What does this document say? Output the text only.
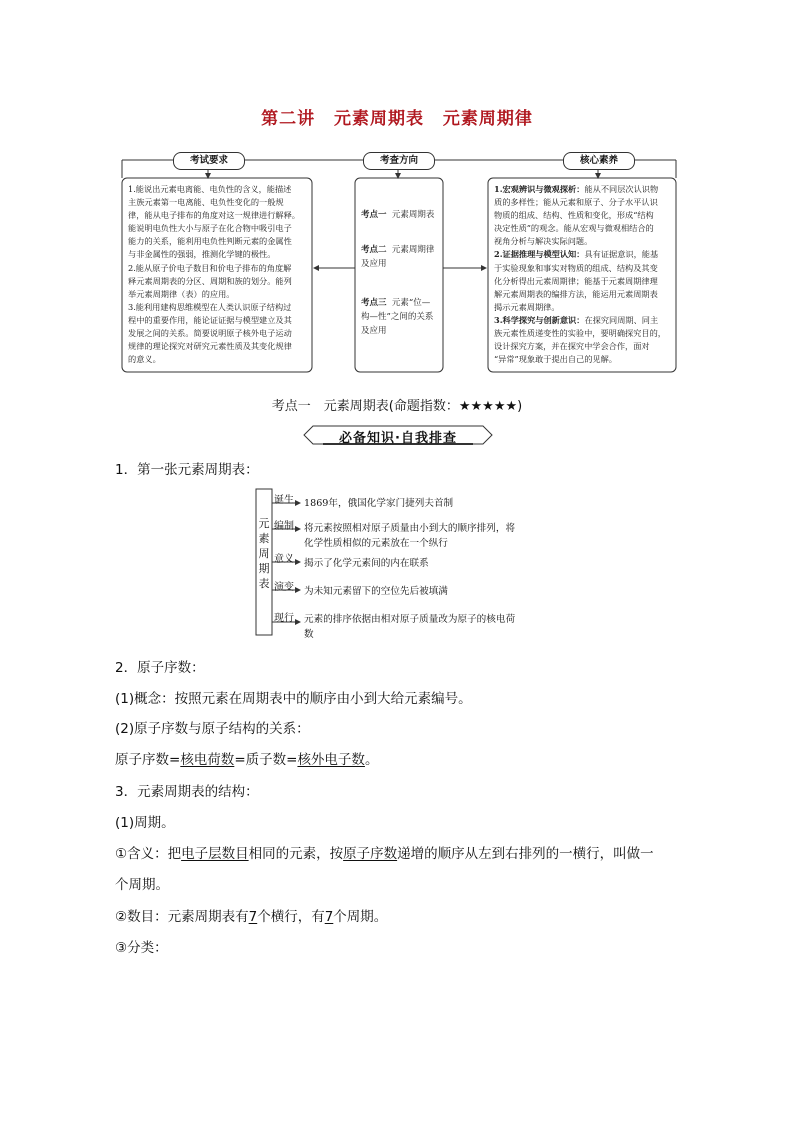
第二讲 元素周期表 元素周期律
考试要求	考查方向	核心素养

1.能说出元素电离能、电负性的含义，能描述

主族元素第一电离能、电负性变化的一般规

律，能从电子排布的角度对这一规律进行解释。

能说明电负性大小与原子在化合物中吸引电子

能力的关系，能利用电负性判断元素的金属性

与非金属性的强弱，推测化学键的极性。

2.能从原子价电子数目和价电子排布的角度解

释元素周期表的分区、周期和族的划分。能列

举元素周期律（表）的应用。

3.能利用建构思维模型在人类认识原子结构过

程中的重要作用，能论证证据与模型建立及其

发展之间的关系。简要说明原子核外电子运动

规律的理论探究对研究元素性质及其变化规律

的意义。

考点一 元素周期表
考点二 元素周期律
及应用
考点三 元素“位—
构—性”之间的关系
及应用

1.宏观辨识与微观探析：能从不同层次认识物

质的多样性；能从元素和原子、分子水平认识

物质的组成、结构、性质和变化，形成“结构

决定性质”的观念。能从宏观与微观相结合的

视角分析与解决实际问题。

2.证据推理与模型认知：具有证据意识，能基

于实验现象和事实对物质的组成、结构及其变

化分析得出元素周期律；能基于元素周期律理

解元素周期表的编排方法，能运用元素周期表

揭示元素周期律。

3.科学探究与创新意识：在探究同周期、同主

族元素性质递变性的实验中，要明确探究目的，

设计探究方案，并在探究中学会合作，面对

“异常”现象敢于提出自己的见解。

考点一　元素周期表(命题指数：★★★★★)
必备知识·自我排查
1．第一张元素周期表：
元
素
周
期
表
诞生 1869年，俄国化学家门捷列夫首制
编制 将元素按照相对原子质量由小到大的顺序排列，将
化学性质相似的元素放在一个纵行
意义 揭示了化学元素间的内在联系
演变 为未知元素留下的空位先后被填满
现行 元素的排序依据由相对原子质量改为原子的核电荷
数
2．原子序数：
(1)概念：按照元素在周期表中的顺序由小到大给元素编号。
(2)原子序数与原子结构的关系：
原子序数=核电荷数=质子数=核外电子数。
3．元素周期表的结构：
(1)周期。
①含义：把电子层数目相同的元素，按原子序数递增的顺序从左到右排列的一横行，叫做一
个周期。
②数目：元素周期表有7个横行，有7个周期。
③分类：
